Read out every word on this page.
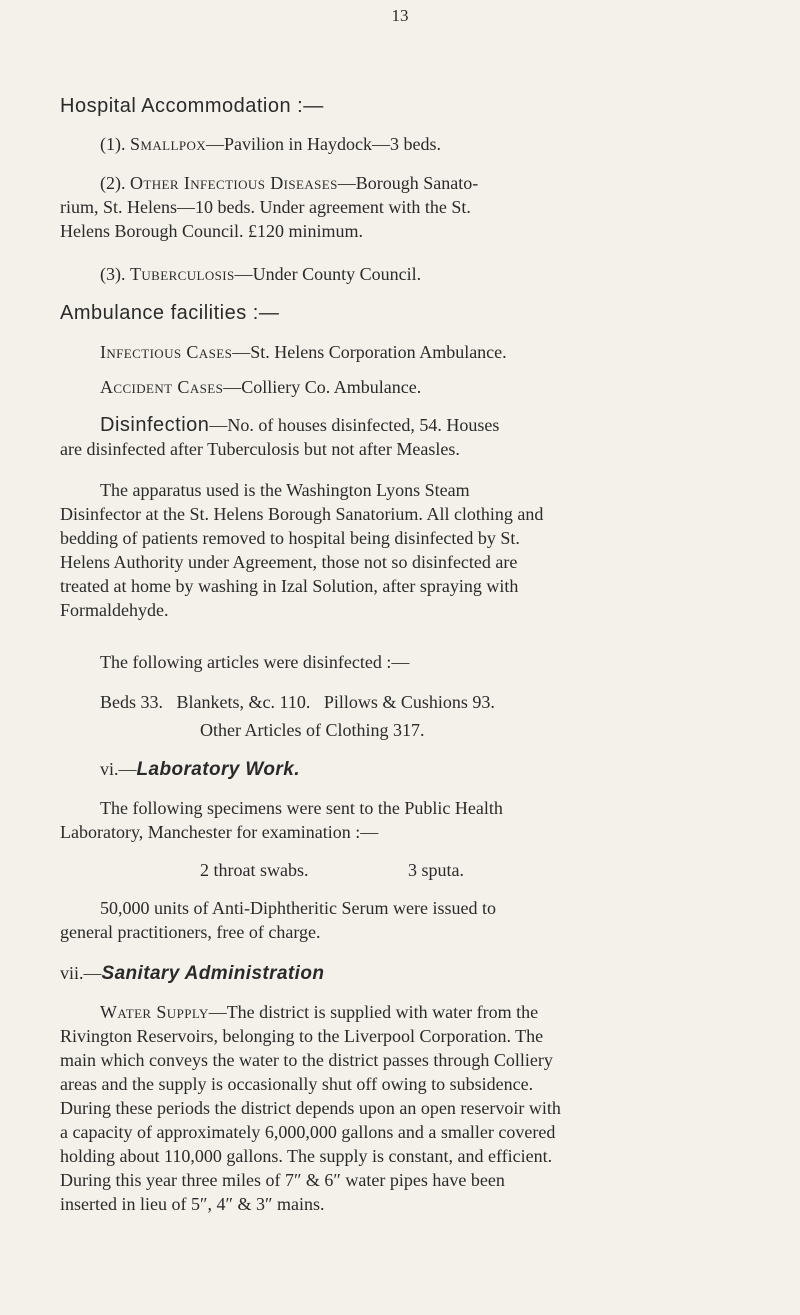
13
Hospital Accommodation :—
(1). Smallpox—Pavilion in Haydock—3 beds.
(2). Other Infectious Diseases—Borough Sanato-
rium, St. Helens—10 beds. Under agreement with the St.
Helens Borough Council. £120 minimum.
(3). Tuberculosis—Under County Council.
Ambulance facilities :—
Infectious Cases—St. Helens Corporation Ambulance.
Accident Cases—Colliery Co. Ambulance.
Disinfection—No. of houses disinfected, 54. Houses
are disinfected after Tuberculosis but not after Measles.
The apparatus used is the Washington Lyons Steam
Disinfector at the St. Helens Borough Sanatorium. All clothing and
bedding of patients removed to hospital being disinfected by St.
Helens Authority under Agreement, those not so disinfected are
treated at home by washing in Izal Solution, after spraying with
Formaldehyde.
The following articles were disinfected :—
Beds 33.   Blankets, &c. 110.   Pillows & Cushions 93.
Other Articles of Clothing 317.
vi.—Laboratory Work.
The following specimens were sent to the Public Health
Laboratory, Manchester for examination :—
2 throat swabs.	3 sputa.
50,000 units of Anti-Diphtheritic Serum were issued to
general practitioners, free of charge.
vii.—Sanitary Administration
Water Supply—The district is supplied with water from the
Rivington Reservoirs, belonging to the Liverpool Corporation. The
main which conveys the water to the district passes through Colliery
areas and the supply is occasionally shut off owing to subsidence.
During these periods the district depends upon an open reservoir with
a capacity of approximately 6,000,000 gallons and a smaller covered
holding about 110,000 gallons. The supply is constant, and efficient.
During this year three miles of 7″ & 6″ water pipes have been
inserted in lieu of 5″, 4″ & 3″ mains.
